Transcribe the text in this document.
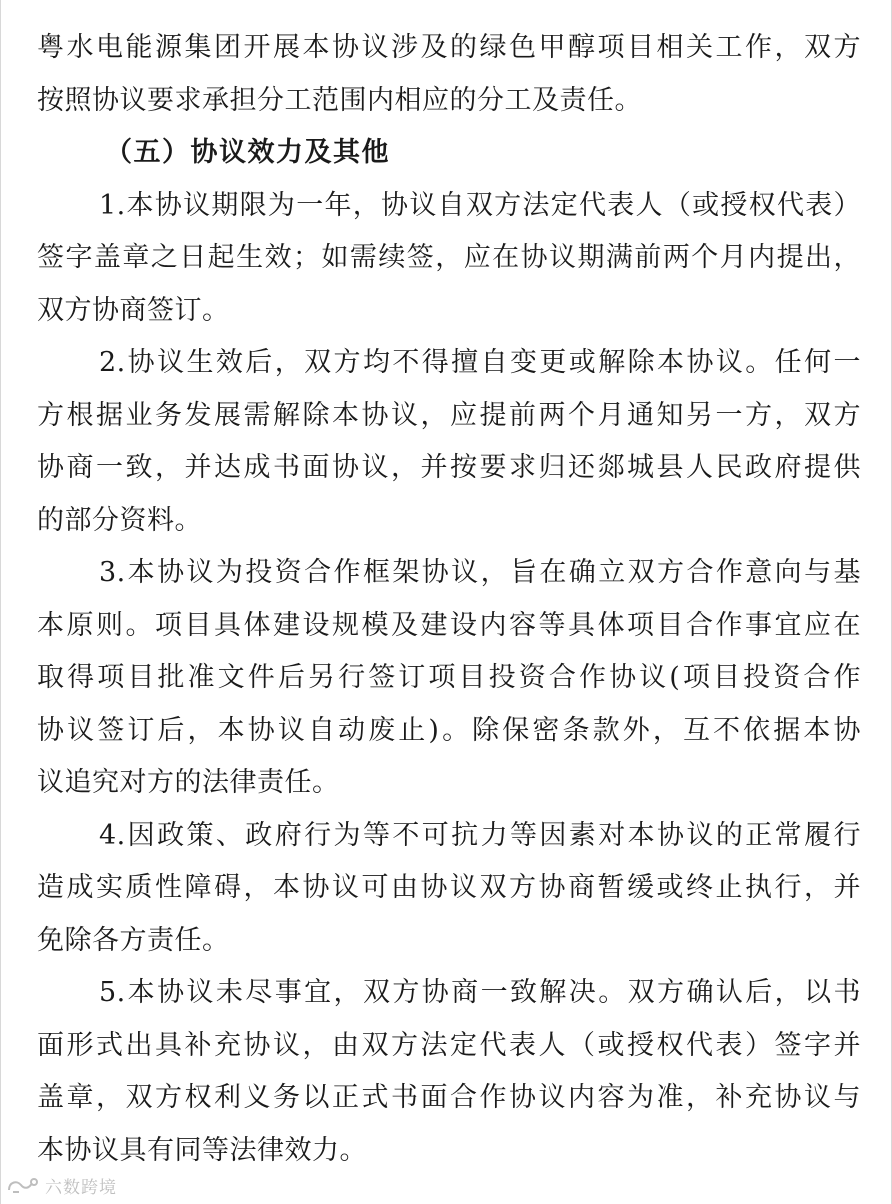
粤水电能源集团开展本协议涉及的绿色甲醇项目相关工作，双方
按照协议要求承担分工范围内相应的分工及责任。
（五）协议效力及其他
1.本协议期限为一年，协议自双方法定代表人（或授权代表）
签字盖章之日起生效；如需续签，应在协议期满前两个月内提出，
双方协商签订。
2.协议生效后，双方均不得擅自变更或解除本协议。任何一
方根据业务发展需解除本协议，应提前两个月通知另一方，双方
协商一致，并达成书面协议，并按要求归还郯城县人民政府提供
的部分资料。
3.本协议为投资合作框架协议，旨在确立双方合作意向与基
本原则。项目具体建设规模及建设内容等具体项目合作事宜应在
取得项目批准文件后另行签订项目投资合作协议(项目投资合作
协议签订后，本协议自动废止)。除保密条款外，互不依据本协
议追究对方的法律责任。
4.因政策、政府行为等不可抗力等因素对本协议的正常履行
造成实质性障碍，本协议可由协议双方协商暂缓或终止执行，并
免除各方责任。
5.本协议未尽事宜，双方协商一致解决。双方确认后，以书
面形式出具补充协议，由双方法定代表人（或授权代表）签字并
盖章，双方权利义务以正式书面合作协议内容为准，补充协议与
本协议具有同等法律效力。
六数跨境
